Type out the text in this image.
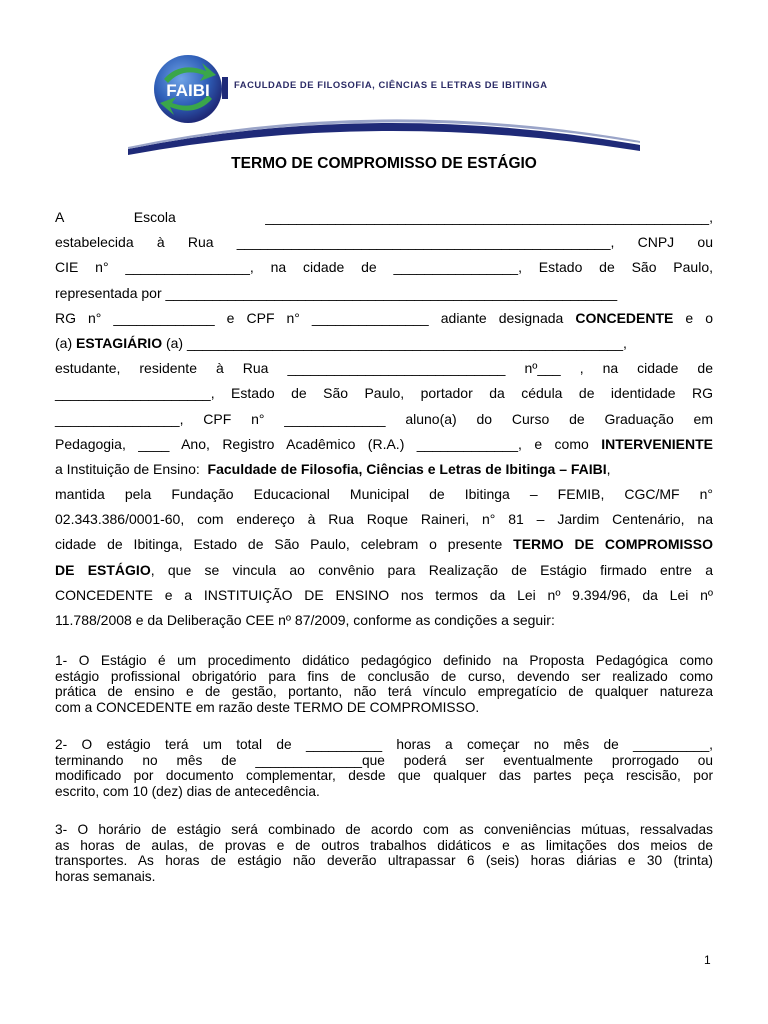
FAIBI	FACULDADE DE FILOSOFIA, CIÊNCIAS E LETRAS DE IBITINGA
TERMO DE COMPROMISSO DE ESTÁGIO
A	Escola	_________________________________________________________,
estabelecida à Rua ________________________________________________, CNPJ ou
CIE n° ________________, na cidade de ________________, Estado de São Paulo,
representada por __________________________________________________________
RG n° _____________ e CPF n° _______________ adiante designada CONCEDENTE e o
(a) ESTAGIÁRIO (a) ________________________________________________________,
estudante, residente à Rua ____________________________ nº___ , na cidade de
____________________, Estado de São Paulo, portador da cédula de identidade RG
________________, CPF n° _____________ aluno(a) do Curso de Graduação em
Pedagogia, ____ Ano, Registro Acadêmico (R.A.) _____________, e como INTERVENIENTE
a Instituição de Ensino:  Faculdade de Filosofia, Ciências e Letras de Ibitinga – FAIBI,
mantida pela Fundação Educacional Municipal de Ibitinga – FEMIB, CGC/MF n°
02.343.386/0001-60, com endereço à Rua Roque Raineri, n° 81 – Jardim Centenário, na
cidade de Ibitinga, Estado de São Paulo, celebram o presente TERMO DE COMPROMISSO
DE ESTÁGIO, que se vincula ao convênio para Realização de Estágio firmado entre a
CONCEDENTE e a INSTITUIÇÃO DE ENSINO nos termos da Lei nº 9.394/96, da Lei nº
11.788/2008 e da Deliberação CEE nº 87/2009, conforme as condições a seguir:
1- O Estágio é um procedimento didático pedagógico definido na Proposta Pedagógica como
estágio profissional obrigatório para fins de conclusão de curso, devendo ser realizado como
prática de ensino e de gestão, portanto, não terá vínculo empregatício de qualquer natureza
com a CONCEDENTE em razão deste TERMO DE COMPROMISSO.
2- O estágio terá um total de __________ horas a começar no mês de __________,
terminando no mês de ______________que poderá ser eventualmente prorrogado ou
modificado por documento complementar, desde que qualquer das partes peça rescisão, por
escrito, com 10 (dez) dias de antecedência.
3- O horário de estágio será combinado de acordo com as conveniências mútuas, ressalvadas
as horas de aulas, de provas e de outros trabalhos didáticos e as limitações dos meios de
transportes. As horas de estágio não deverão ultrapassar 6 (seis) horas diárias e 30 (trinta)
horas semanais.
1
